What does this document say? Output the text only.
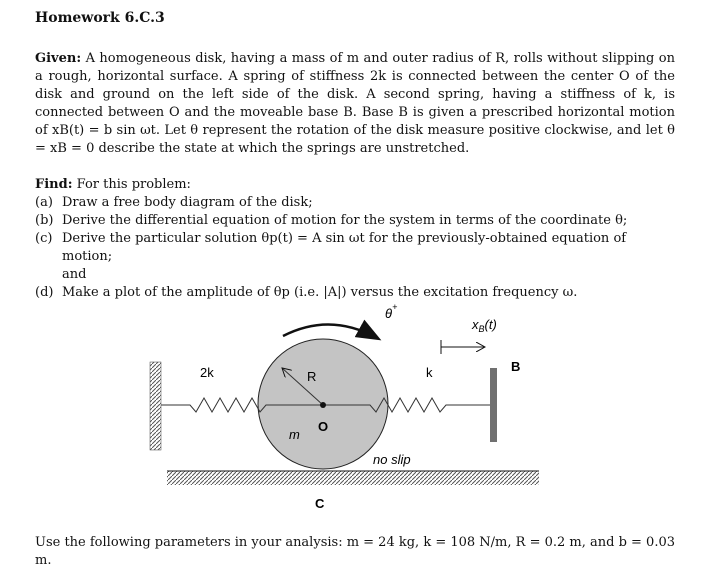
Homework 6.C.3
Given: A homogeneous disk, having a mass of m and outer radius of R, rolls without slipping on a rough, horizontal surface. A spring of stiffness 2k is connected between the center O of the disk and ground on the left side of the disk. A second spring, having a stiffness of k, is connected between O and the moveable base B. Base B is given a prescribed horizontal motion of xB(t) = b sin ωt. Let θ represent the rotation of the disk measure positive clockwise, and let θ = xB = 0 describe the state at which the springs are unstretched.
Find: For this problem:
(a) Draw a free body diagram of the disk;
(b) Derive the differential equation of motion for the system in terms of the coordinate θ;
(c) Derive the particular solution θp(t) = A sin ωt for the previously-obtained equation of motion;
and
(d) Make a plot of the amplitude of θp (i.e. |A|) versus the excitation frequency ω.
θ+
$x_B(t)$
B
2k	k
R
O
m
no slip
C
Use the following parameters in your analysis: m = 24 kg, k = 108 N/m, R = 0.2 m, and b = 0.03 m.
